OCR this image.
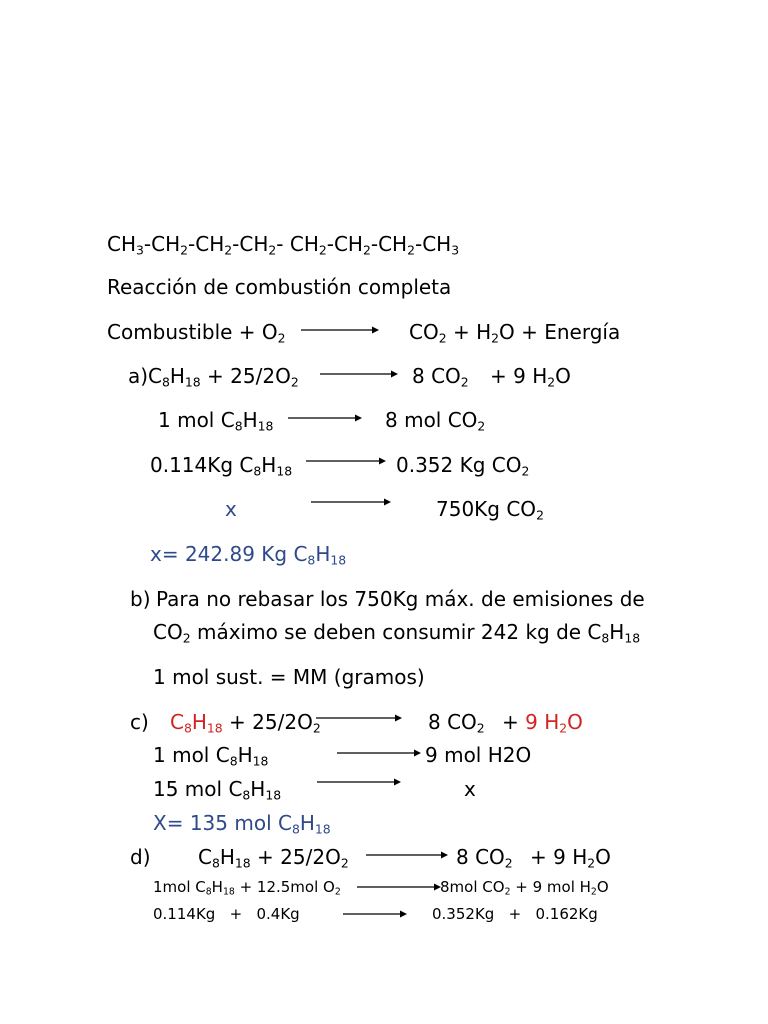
$CH_3-CH_2-CH_2-CH_2-$ $CH_2-CH_2-CH_2-CH_3$
Reacción de combustión completa
Combustible + $O_2$	$CO_2 + H_2O$ + Energía
a) $C_8H_{18} + 25/2O_2$	8 $CO_2 + 9$ $H_2O$
1 mol $C_8H_{18}$	8 mol $CO_2$
0.114Kg $C_8H_{18}$	0.352 Kg $CO_2$
x	750Kg $CO_2$
x= 242.89 Kg $C_8H_{18}$
b) Para no rebasar los 750Kg máx. de emisiones de
$CO_2$ máximo se deben consumir 242 kg de $C_8H_{18}$
1 mol sust. = MM (gramos)
c) $C_8H_{18} + 25/2O_2$	8 $CO_2 + 9$ $H_2O$
1 mol $C_8H_{18}$	9 mol H2O
15 mol $C_8H_{18}$	x
X= 135 mol $C_8H_{18}$
d) $C_8H_{18} + 25/2O_2$	8 $CO_2 + 9$ $H_2O$
1mol $C_8H_{18} + 12.5mol$ $O_2$	8mol $CO_2 + 9$ mol $H_2O$
0.114Kg   +   0.4Kg	0.352Kg   +   0.162Kg
